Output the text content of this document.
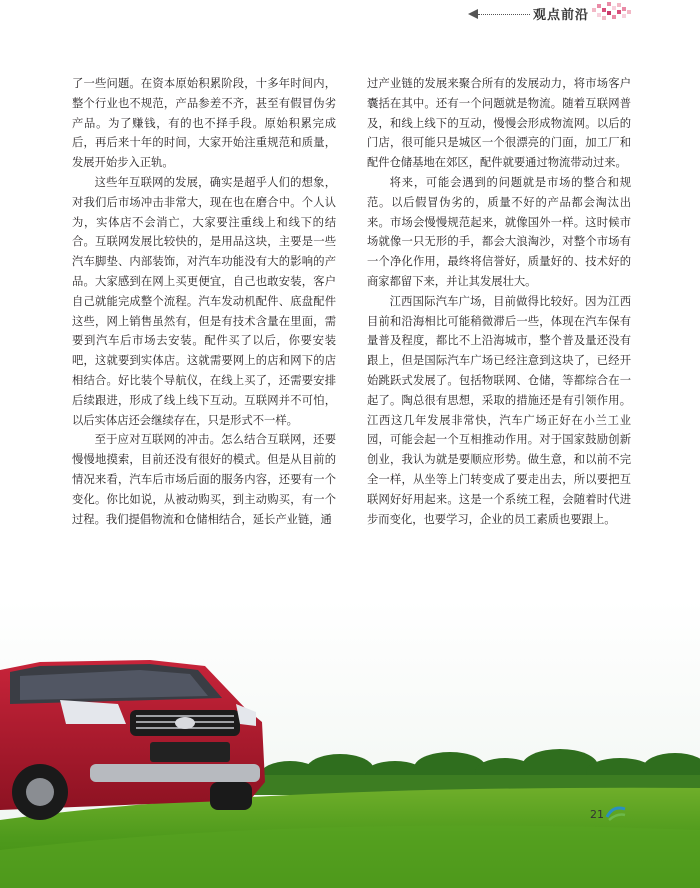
观点前沿

了一些问题。在资本原始积累阶段，十多年时间内，整个行业也不规范，产品参差不齐，甚至有假冒伪劣产品。为了赚钱，有的也不择手段。原始积累完成后，再后来十年的时间，大家开始注重规范和质量，发展开始步入正轨。

这些年互联网的发展，确实是超乎人们的想象，对我们后市场冲击非常大，现在也在磨合中。个人认为，实体店不会消亡，大家要注重线上和线下的结合。互联网发展比较快的，是用品这块，主要是一些汽车脚垫、内部装饰，对汽车功能没有大的影响的产品。大家感到在网上买更便宜，自己也敢安装，客户自己就能完成整个流程。汽车发动机配件、底盘配件这些，网上销售虽然有，但是有技术含量在里面，需要到汽车后市场去安装。配件买了以后，你要安装吧，这就要到实体店。这就需要网上的店和网下的店相结合。好比装个导航仪，在线上买了，还需要安排后续跟进，形成了线上线下互动。互联网并不可怕，以后实体店还会继续存在，只是形式不一样。

至于应对互联网的冲击。怎么结合互联网，还要慢慢地摸索，目前还没有很好的模式。但是从目前的情况来看，汽车后市场后面的服务内容，还要有一个变化。你比如说，从被动购买，到主动购买，有一个过程。我们提倡物流和仓储相结合，延长产业链，通

过产业链的发展来聚合所有的发展动力，将市场客户囊括在其中。还有一个问题就是物流。随着互联网普及，和线上线下的互动，慢慢会形成物流网。以后的门店，很可能只是城区一个很漂亮的门面，加工厂和配件仓储基地在郊区，配件就要通过物流带动过来。

将来，可能会遇到的问题就是市场的整合和规范。以后假冒伪劣的，质量不好的产品都会淘汰出来。市场会慢慢规范起来，就像国外一样。这时候市场就像一只无形的手，都会大浪淘沙，对整个市场有一个净化作用，最终将信誉好，质量好的、技术好的商家都留下来，并让其发展壮大。

江西国际汽车广场，目前做得比较好。因为江西目前和沿海相比可能稍微滞后一些，体现在汽车保有量普及程度，都比不上沿海城市，整个普及量还没有跟上，但是国际汽车广场已经注意到这块了，已经开始跳跃式发展了。包括物联网、仓储，等都综合在一起了。陶总很有思想，采取的措施还是有引领作用。江西这几年发展非常快，汽车广场正好在小兰工业园，可能会起一个互相推动作用。对于国家鼓励创新创业，我认为就是要顺应形势。做生意，和以前不完全一样，从坐等上门转变成了要走出去，所以要把互联网好好用起来。这是一个系统工程，会随着时代进步而变化，也要学习，企业的员工素质也要跟上。

21
